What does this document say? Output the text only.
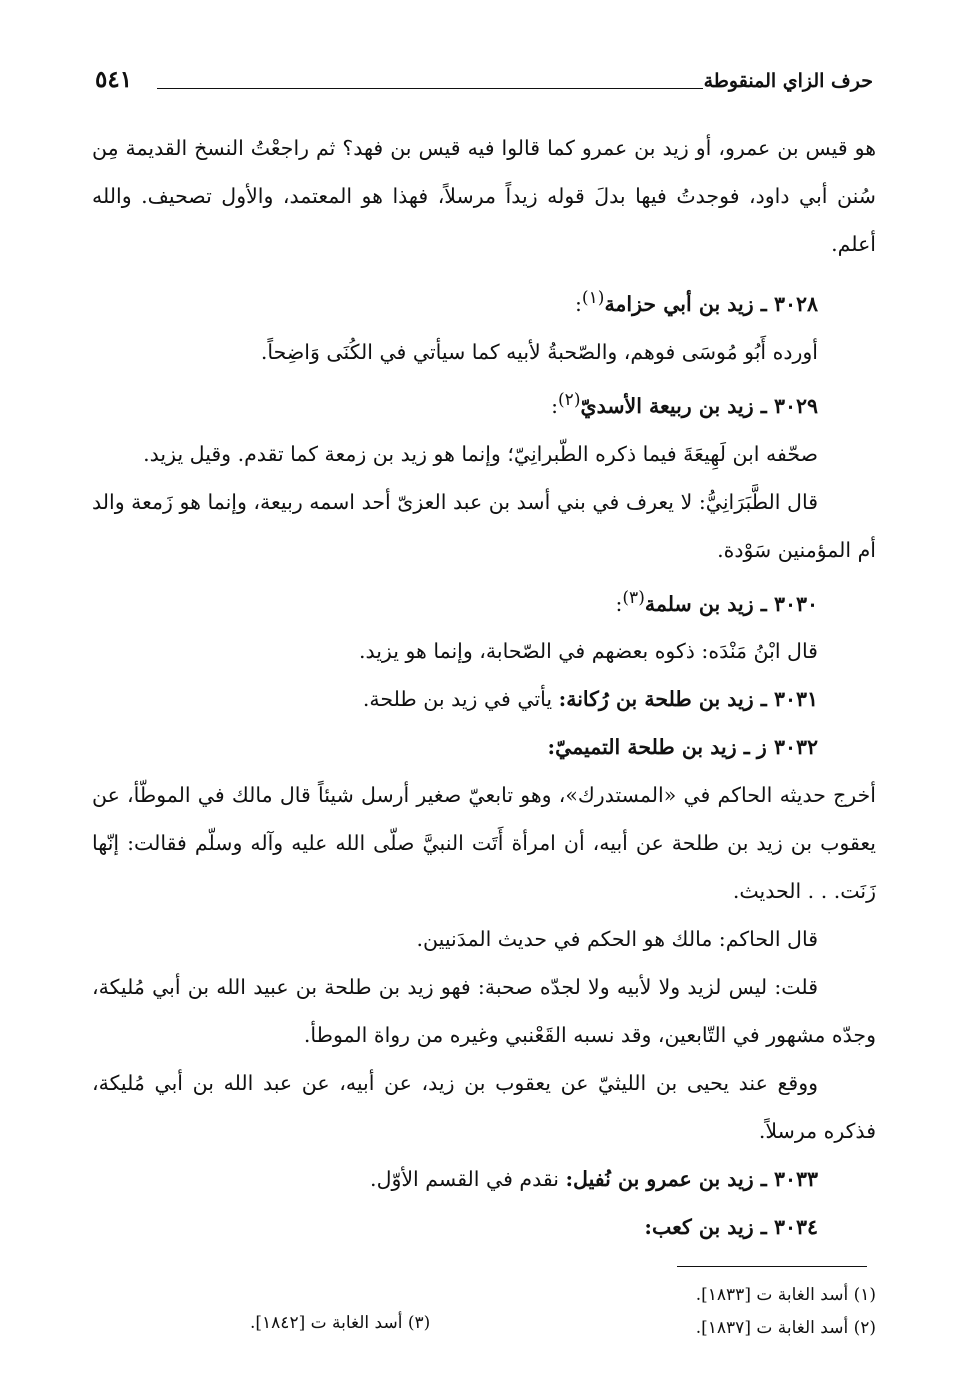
حرف الزاي المنقوطة
٥٤١

هو قيس بن عمرو، أو زيد بن عمرو كما قالوا فيه قيس بن فهد؟ ثم راجعْتُ النسخ القديمة مِن سُنن أبي داود، فوجدتُ فيها بدلَ قوله زيداً مرسلاً، فهذا هو المعتمد، والأول تصحيف. والله أعلم.

٣٠٢٨ ـ زيد بن أبي حزامة$^{(١)}$:

أورده أَبُو مُوسَى فوهم، والصّحبةُ لأبيه كما سيأتي في الكُنَى وَاضِحاً.

٣٠٢٩ ـ زيد بن ربيعة الأسديّ$^{(٢)}$:

صحّفه ابن لَهِيعَةَ فيما ذكره الطّبرانِيّ؛ وإنما هو زيد بن زمعة كما تقدم. وقيل يزيد.

قال الطَّبَرَانِيُّ: لا يعرف في بني أسد بن عبد العزىّ أحد اسمه ربيعة، وإنما هو زَمعة والد أم المؤمنين سَوْدة.

٣٠٣٠ ـ زيد بن سلمة$^{(٣)}$:

قال ابْنُ مَنْدَه: ذكوه بعضهم في الصّحابة، وإنما هو يزيد.

٣٠٣١ ـ زيد بن طلحة بن رُكانة: يأتي في زيد بن طلحة.

٣٠٣٢ ز ـ زيد بن طلحة التميميّ:

أخرج حديثه الحاكم في «المستدرك»، وهو تابعيّ صغير أرسل شيئاً قال مالك في الموطّأ، عن يعقوب بن زيد بن طلحة عن أبيه، أن امرأة أَتَت النبيَّ صلّى الله عليه وآله وسلّم فقالت: إنّها زَنَت. . . الحديث.

قال الحاكم: مالك هو الحكم في حديث المدَنيين.

قلت: ليس لزيد ولا لأبيه ولا لجدّه صحبة: فهو زيد بن طلحة بن عبيد الله بن أبي مُليكة، وجدّه مشهور في التّابعين، وقد نسبه القَعْنبي وغيره من رواة الموطأ.

ووقع عند يحيى بن الليثيّ عن يعقوب بن زيد، عن أبيه، عن عبد الله بن أبي مُليكة، فذكره مرسلاً.

٣٠٣٣ ـ زيد بن عمرو بن نُفيل: نقدم في القسم الأوّل.

٣٠٣٤ ـ زيد بن كعب:

(١) أسد الغابة ت [١٨٣٣].
(٢) أسد الغابة ت [١٨٣٧].
(٣) أسد الغابة ت [١٨٤٢].
